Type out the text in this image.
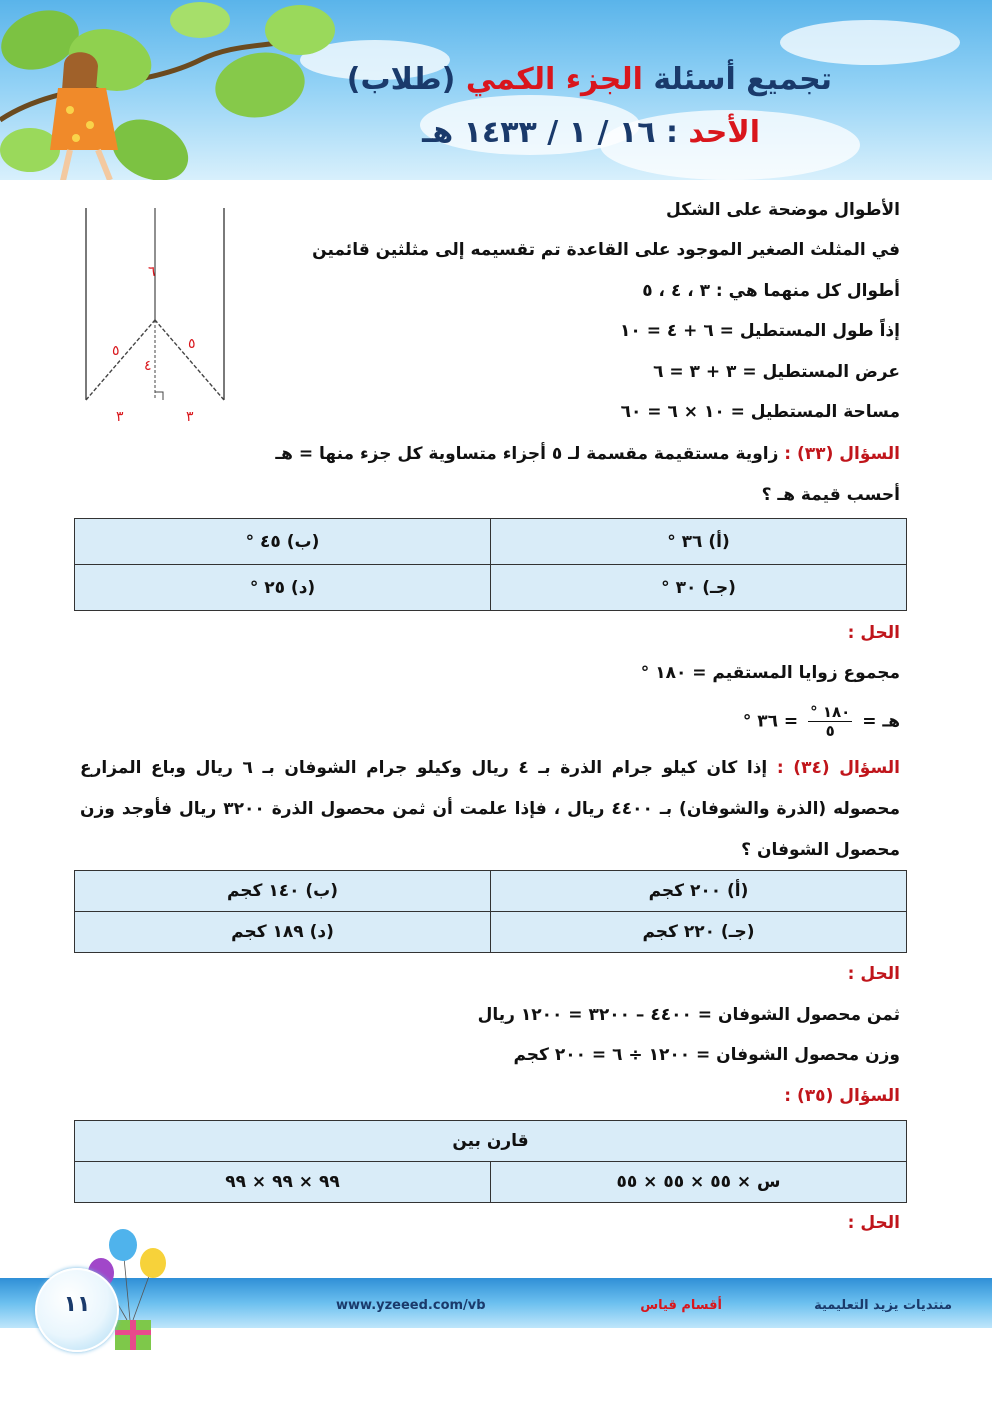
تجميع أسئلة الجزء الكمي (طلاب)
الأحد : ١٦ / ١ / ١٤٣٣ هـ
الأطوال موضحة على الشكل
في المثلث الصغير الموجود على القاعدة تم تقسيمه إلى مثلثين قائمين
أطوال كل منهما هي : ٣ ، ٤ ، ٥
إذاً طول المستطيل = ٦ + ٤ = ١٠
عرض المستطيل = ٣ + ٣ = ٦
مساحة المستطيل = ١٠ × ٦ = ٦٠
٦
٥	٥
٤
٣	٣
السؤال (٣٣) : زاوية مستقيمة مقسمة لـ ٥ أجزاء متساوية كل جزء منها = هـ
أحسب قيمة هـ ؟
(أ) ٣٦ °	(ب) ٤٥ °
(جـ) ٣٠ °	(د) ٢٥ °
الحل :
مجموع زوايا المستقيم = ١٨٠ °
هـ =
١٨٠ °
٥
= ٣٦ °
السؤال (٣٤) : إذا كان كيلو جرام الذرة بـ ٤ ريال وكيلو جرام الشوفان بـ ٦ ريال وباع المزارع محصوله (الذرة والشوفان) بـ ٤٤٠٠ ريال ، فإذا علمت أن ثمن محصول الذرة ٣٢٠٠ ريال فأوجد وزن محصول الشوفان ؟
(أ) ٢٠٠ كجم	(ب) ١٤٠ كجم
(جـ) ٢٢٠ كجم	(د) ١٨٩ كجم
الحل :
ثمن محصول الشوفان = ٤٤٠٠ – ٣٢٠٠ = ١٢٠٠ ريال
وزن محصول الشوفان = ١٢٠٠ ÷ ٦ = ٢٠٠ كجم
السؤال (٣٥) :
قارن بين
س × ٥٥ × ٥٥ × ٥٥	٩٩ × ٩٩ × ٩٩
الحل :
١١	منتديات يزيد التعليمية
أقسام قياس
www.yzeeed.com/vb
